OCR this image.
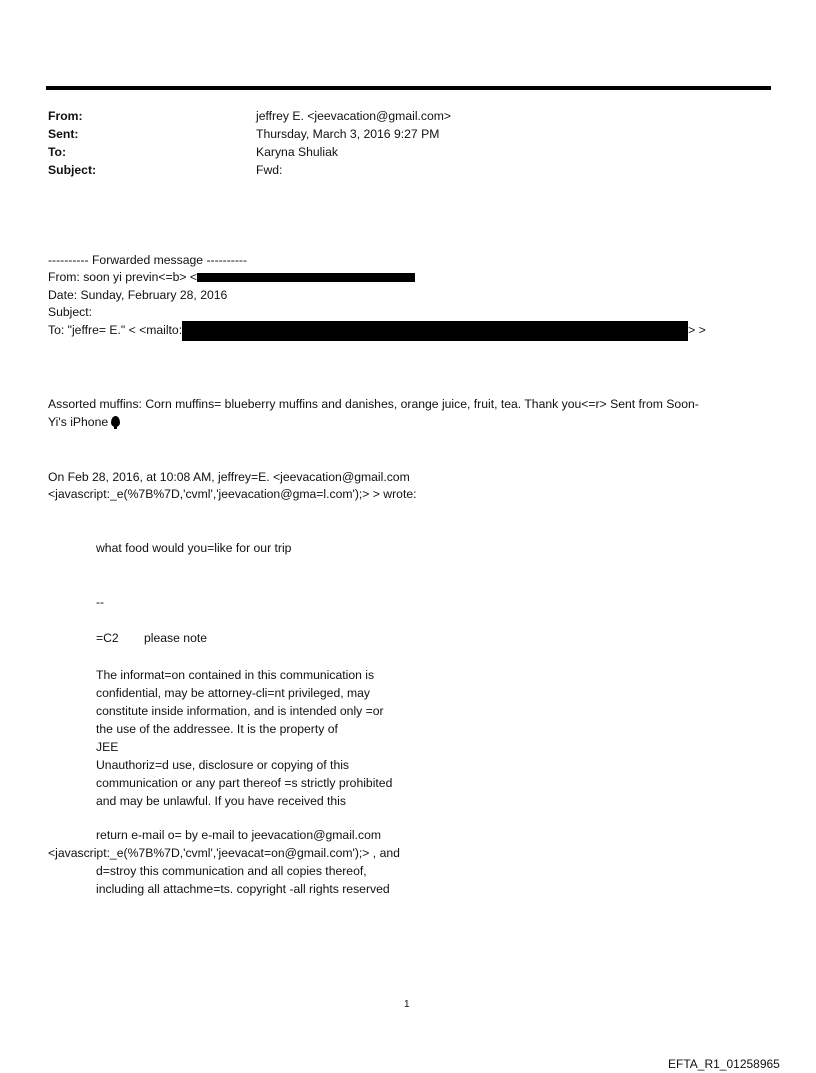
From:	jeffrey E. <jeevacation@gmail.com>
Sent:	Thursday, March 3, 2016 9:27 PM
To:	Karyna Shuliak
Subject:	Fwd:
---------- Forwarded message ----------
From: soon yi previn<=b> <
Date: Sunday, February 28, 2016
Subject:
To: "jeffre= E." < <mailto:	> >
Assorted muffins: Corn muffins= blueberry muffins and danishes, orange juice, fruit, tea. Thank you<=r> Sent from Soon-
Yi's iPhone
On Feb 28, 2016, at 10:08 AM, jeffrey=E. <jeevacation@gmail.com
<javascript:_e(%7B%7D,'cvml','jeevacation@gma=l.com');> > wrote:
what food would you=like for our trip
--
=C2 please note
The informat=on contained in this communication is
confidential, may be attorney-cli=nt privileged, may
constitute inside information, and is intended only =or
the use of the addressee. It is the property of
JEE
Unauthoriz=d use, disclosure or copying of this
communication or any part thereof =s strictly prohibited
and may be unlawful. If you have received this
return e-mail o= by e-mail to jeevacation@gmail.com
<javascript:_e(%7B%7D,'cvml','jeevacat=on@gmail.com');> , and
d=stroy this communication and all copies thereof,
including all attachme=ts. copyright -all rights reserved
1
EFTA_R1_01258965
